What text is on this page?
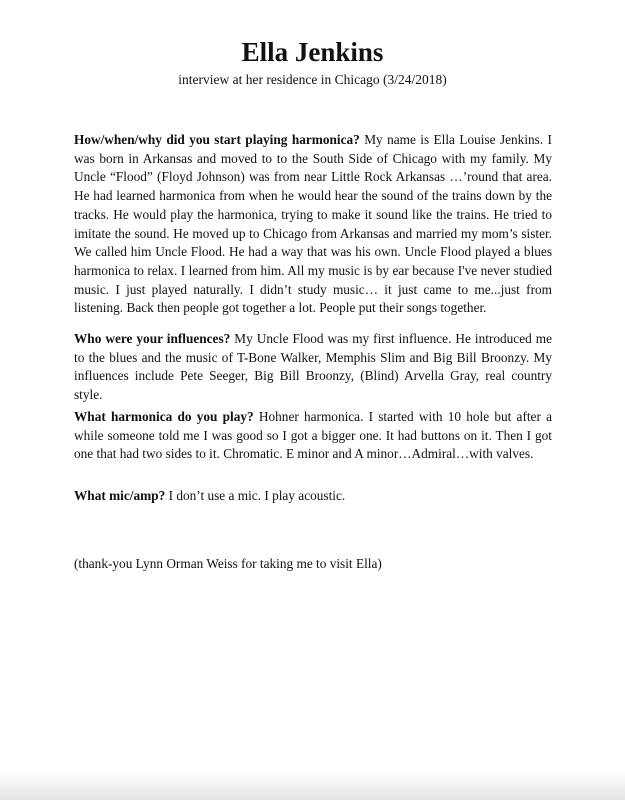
Ella Jenkins

interview at her residence in Chicago (3/24/2018)

How/when/why did you start playing harmonica? My name is Ella Louise Jenkins. I was born in Arkansas and moved to to the South Side of Chicago with my family. My Uncle “Flood” (Floyd Johnson) was from near Little Rock Arkansas …’round that area. He had learned harmonica from when he would hear the sound of the trains down by the tracks. He would play the harmonica, trying to make it sound like the trains. He tried to imitate the sound. He moved up to Chicago from Arkansas and married my mom’s sister. We called him Uncle Flood. He had a way that was his own. Uncle Flood played a blues harmonica to relax. I learned from him. All my music is by ear because I've never studied music. I just played naturally. I didn’t study music… it just came to me...just from listening. Back then people got together a lot. People put their songs together.

Who were your influences? My Uncle Flood was my first influence. He introduced me to the blues and the music of T-Bone Walker, Memphis Slim and Big Bill Broonzy. My influences include Pete Seeger, Big Bill Broonzy, (Blind) Arvella Gray, real country style.

What harmonica do you play? Hohner harmonica. I started with 10 hole but after a while someone told me I was good so I got a bigger one. It had buttons on it. Then I got one that had two sides to it. Chromatic. E minor and A minor…Admiral…with valves.

What mic/amp? I don’t use a mic. I play acoustic.

(thank-you Lynn Orman Weiss for taking me to visit Ella)
